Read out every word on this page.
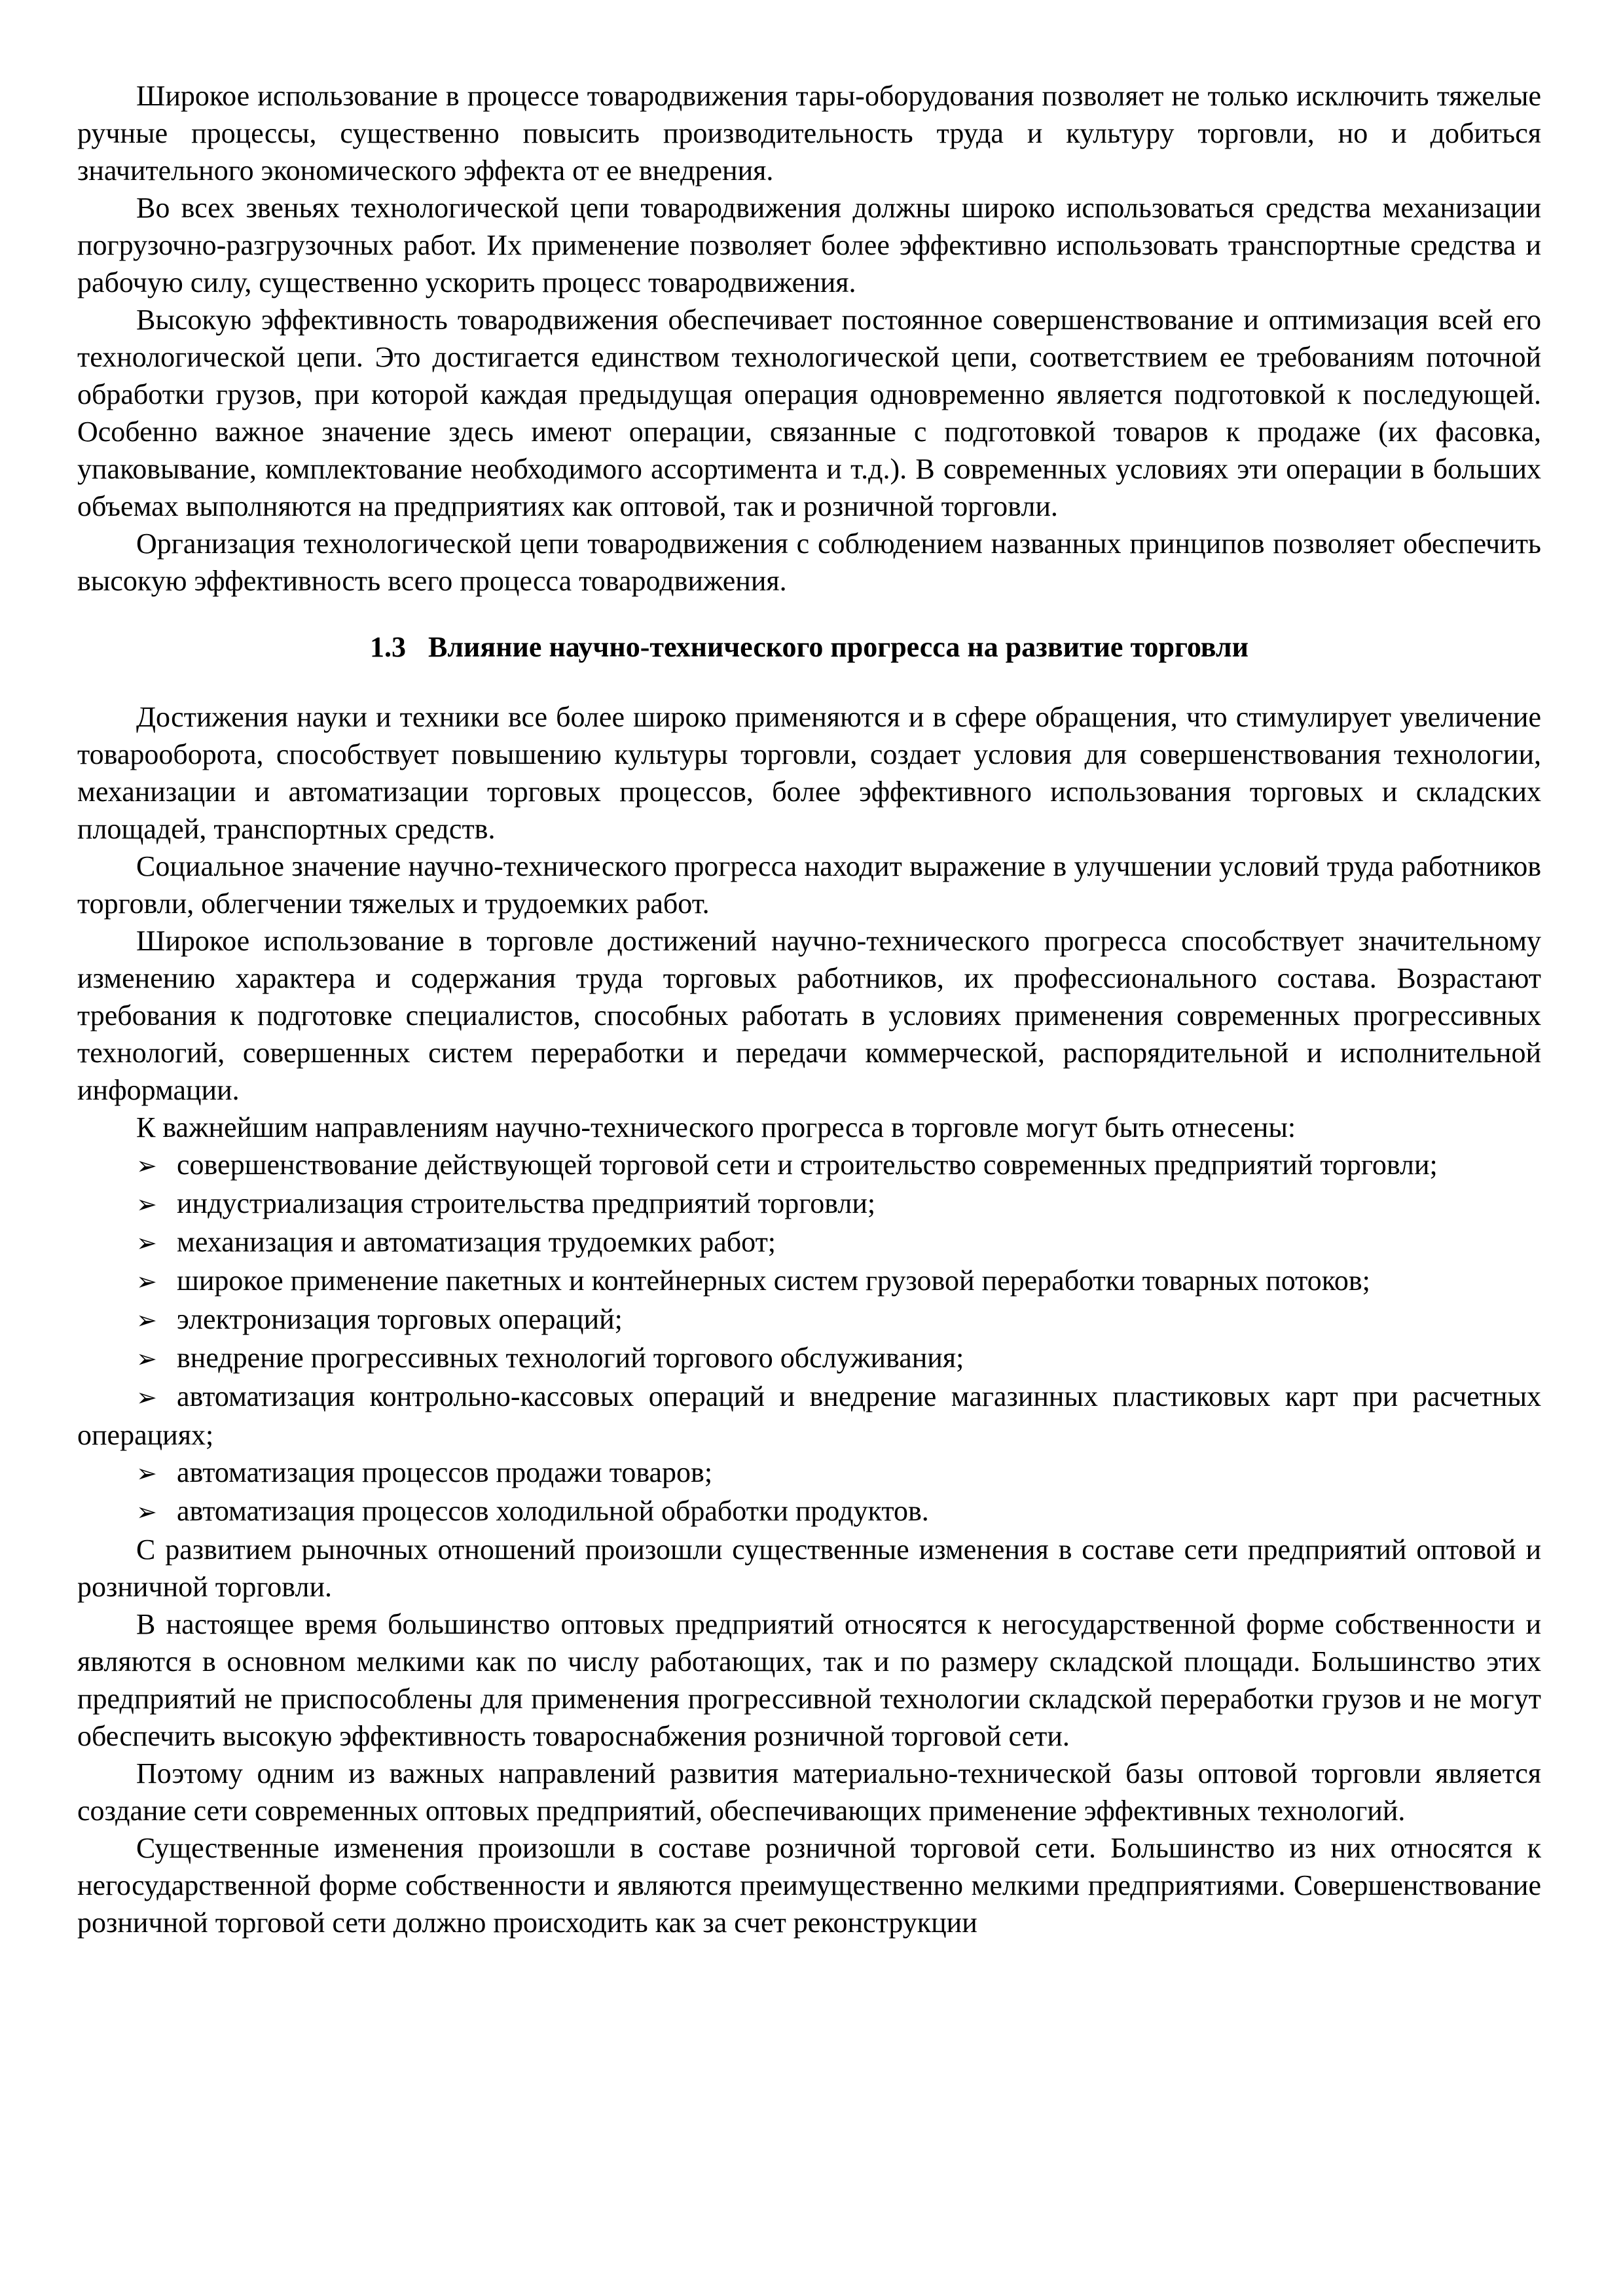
Широкое использование в процессе товародвижения тары-оборудования позволяет не только исключить тяжелые ручные процессы, существенно повысить производительность труда и культуру торговли, но и добиться значительного экономического эффекта от ее внедрения.

Во всех звеньях технологической цепи товародвижения должны широко использоваться средства механизации погрузочно-разгрузочных работ. Их применение позволяет более эффективно использовать транспортные средства и рабочую силу, существенно ускорить процесс товародвижения.

Высокую эффективность товародвижения обеспечивает постоянное совершенствование и оптимизация всей его технологической цепи. Это достигается единством технологической цепи, соответствием ее требованиям поточной обработки грузов, при которой каждая предыдущая операция одновременно является подготовкой к последующей. Особенно важное значение здесь имеют операции, связанные с подготовкой товаров к продаже (их фасовка, упаковывание, комплектование необходимого ассортимента и т.д.). В современных условиях эти операции в больших объемах выполняются на предприятиях как оптовой, так и розничной торговли.

Организация технологической цепи товародвижения с соблюдением названных принципов позволяет обеспечить высокую эффективность всего процесса товародвижения.

1.3 Влияние научно-технического прогресса на развитие торговли

Достижения науки и техники все более широко применяются и в сфере обращения, что стимулирует увеличение товарооборота, способствует повышению культуры торговли, создает условия для совершенствования технологии, механизации и автоматизации торговых процессов, более эффективного использования торговых и складских площадей, транспортных средств.

Социальное значение научно-технического прогресса находит выражение в улучшении условий труда работников торговли, облегчении тяжелых и трудоемких работ.

Широкое использование в торговле достижений научно-технического прогресса способствует значительному изменению характера и содержания труда торговых работников, их профессионального состава. Возрастают требования к подготовке специалистов, способных работать в условиях применения современных прогрессивных технологий, совершенных систем переработки и передачи коммерческой, распорядительной и исполнительной информации.

К важнейшим направлениям научно-технического прогресса в торговле могут быть отнесены:

➢ совершенствование действующей торговой сети и строительство современных предприятий торговли;
➢ индустриализация строительства предприятий торговли;
➢ механизация и автоматизация трудоемких работ;
➢ широкое применение пакетных и контейнерных систем грузовой переработки товарных потоков;
➢ электронизация торговых операций;
➢ внедрение прогрессивных технологий торгового обслуживания;
➢ автоматизация контрольно-кассовых операций и внедрение магазинных пластиковых карт при расчетных операциях;
➢ автоматизация процессов продажи товаров;
➢ автоматизация процессов холодильной обработки продуктов.

С развитием рыночных отношений произошли существенные изменения в составе сети предприятий оптовой и розничной торговли.

В настоящее время большинство оптовых предприятий относятся к негосударственной форме собственности и являются в основном мелкими как по числу работающих, так и по размеру складской площади. Большинство этих предприятий не приспособлены для применения прогрессивной технологии складской переработки грузов и не могут обеспечить высокую эффективность товароснабжения розничной торговой сети.

Поэтому одним из важных направлений развития материально-технической базы оптовой торговли является создание сети современных оптовых предприятий, обеспечивающих применение эффективных технологий.

Существенные изменения произошли в составе розничной торговой сети. Большинство из них относятся к негосударственной форме собственности и являются преимущественно мелкими предприятиями. Совершенствование розничной торговой сети должно происходить как за счет реконструкции
